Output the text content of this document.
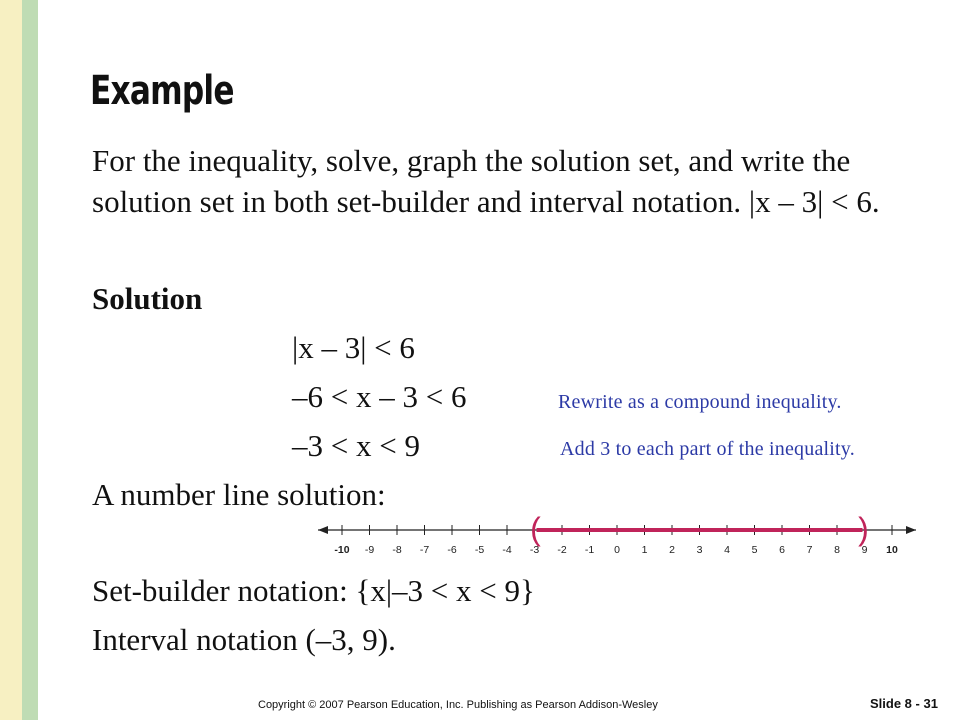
Example

For the inequality, solve, graph the solution set, and write the solution set in both set-builder and interval notation. |x – 3| < 6.

Solution
|x – 3| < 6
–6 < x – 3 < 6	Rewrite as a compound inequality.
–3 < x < 9	Add 3 to each part of the inequality.
A number line solution:
-10 -9 -8 -7 -6 -5 -4 -3 -2 -1 0 1 2 3 4 5 6 7 8 9 10
(	)
Set-builder notation: {x|–3 < x < 9}
Interval notation (–3, 9).
Copyright © 2007 Pearson Education, Inc. Publishing as Pearson Addison-Wesley	Slide 8 - 31
